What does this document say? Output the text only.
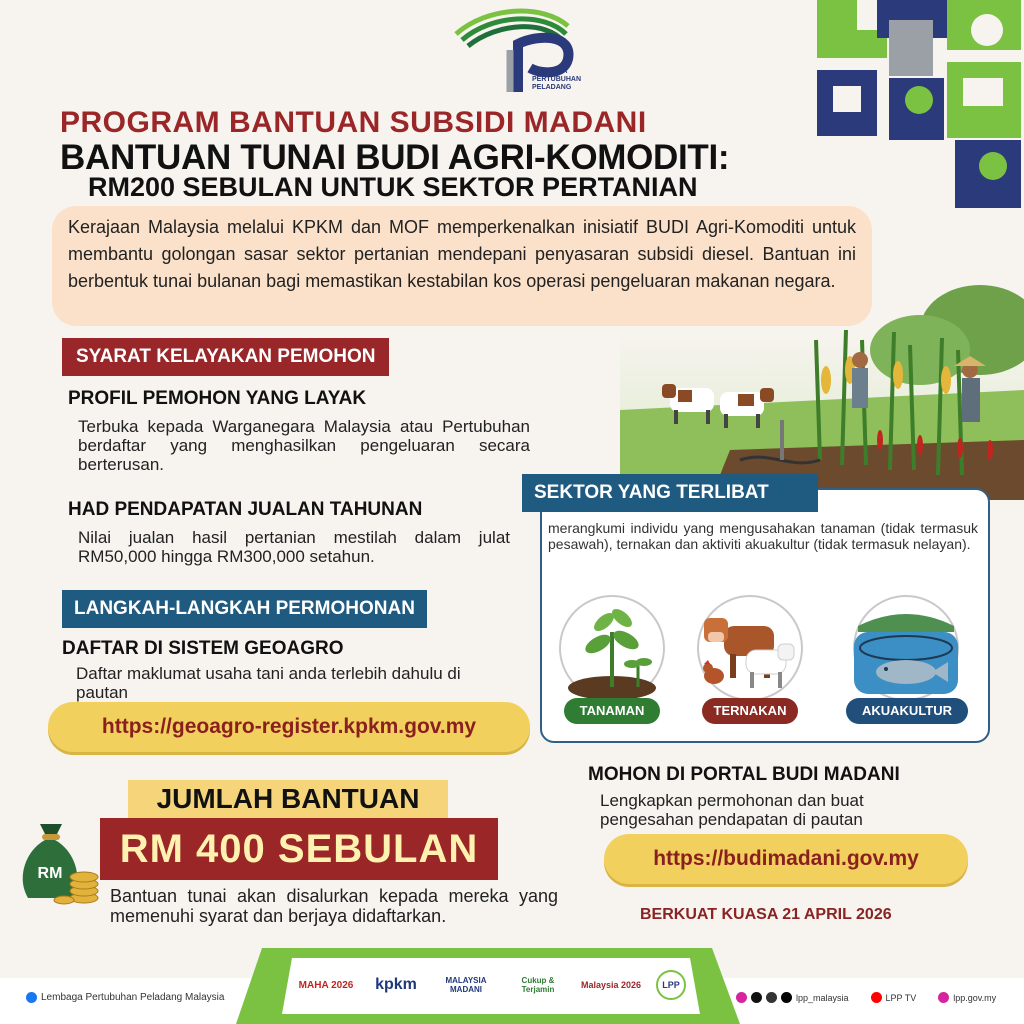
LEMBAGA PERTUBUHAN PELADANG
PROGRAM BANTUAN SUBSIDI MADANI
BANTUAN TUNAI BUDI AGRI-KOMODITI:
RM200 SEBULAN UNTUK SEKTOR PERTANIAN
Kerajaan Malaysia melalui KPKM dan MOF memperkenalkan inisiatif BUDI Agri-Komoditi untuk membantu golongan sasar sektor pertanian mendepani penyasaran subsidi diesel. Bantuan ini berbentuk tunai bulanan bagi memastikan kestabilan kos operasi pengeluaran makanan negara.
SYARAT KELAYAKAN PEMOHON
PROFIL PEMOHON YANG LAYAK
Terbuka kepada Warganegara Malaysia atau Pertubuhan berdaftar yang menghasilkan pengeluaran secara berterusan.
HAD PENDAPATAN JUALAN TAHUNAN
Nilai jualan hasil pertanian mestilah dalam julat RM50,000 hingga RM300,000 setahun.
LANGKAH-LANGKAH PERMOHONAN
DAFTAR DI SISTEM GEOAGRO
Daftar maklumat usaha tani anda terlebih dahulu di pautan
https://geoagro-register.kpkm.gov.my
SEKTOR YANG TERLIBAT
merangkumi individu yang mengusahakan tanaman (tidak termasuk pesawah), ternakan dan aktiviti akuakultur (tidak termasuk nelayan).
TANAMAN	TERNAKAN	AKUAKULTUR
MOHON DI PORTAL BUDI MADANI
Lengkapkan permohonan dan buat pengesahan pendapatan di pautan
https://budimadani.gov.my
RM
JUMLAH BANTUAN
RM 400 SEBULAN
Bantuan tunai akan disalurkan kepada mereka yang memenuhi syarat dan berjaya didaftarkan.	BERKUAT KUASA 21 APRIL 2026
MAHA 2026	kpkm	MALAYSIA MADANI
Cukup & Terjamin	Malaysia 2026	LPP
Lembaga Pertubuhan Peladang Malaysia	lpp_malaysia	LPP TV	lpp.gov.my
